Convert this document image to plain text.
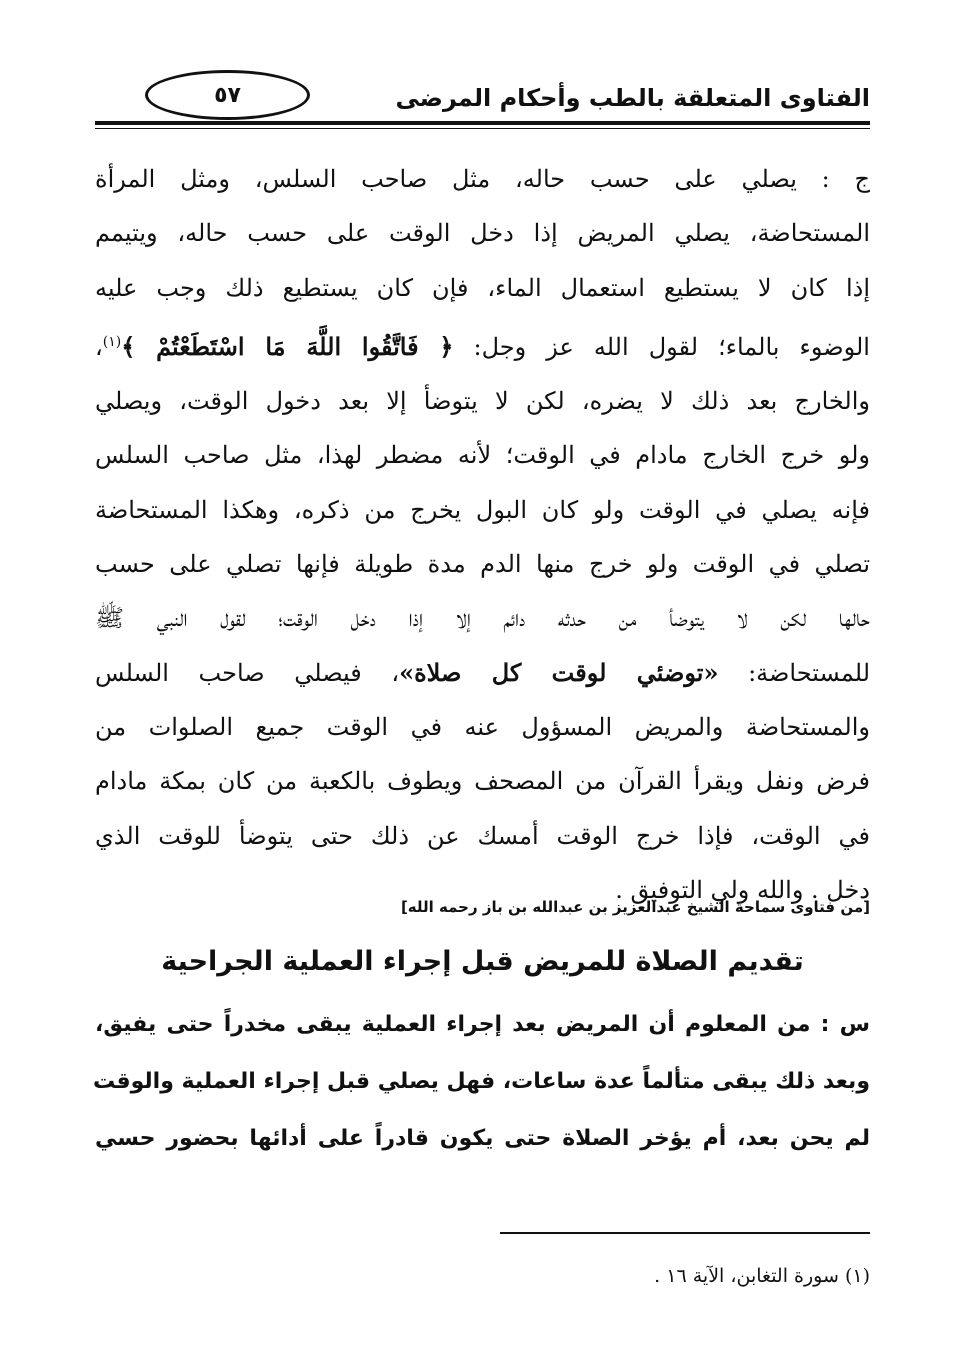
٥٧	الفتاوى المتعلقة بالطب وأحكام المرضى
ج : يصلي على حسب حاله، مثل صاحب السلس، ومثل المرأة
المستحاضة، يصلي المريض إذا دخل الوقت على حسب حاله، ويتيمم
إذا كان لا يستطيع استعمال الماء، فإن كان يستطيع ذلك وجب عليه
الوضوء بالماء؛ لقول الله عز وجل: ﴿ فَاتَّقُوا اللَّهَ مَا اسْتَطَعْتُمْ ﴾$^{(١)}$،
والخارج بعد ذلك لا يضره، لكن لا يتوضأ إلا بعد دخول الوقت، ويصلي
ولو خرج الخارج مادام في الوقت؛ لأنه مضطر لهذا، مثل صاحب السلس
فإنه يصلي في الوقت ولو كان البول يخرج من ذكره، وهكذا المستحاضة
تصلي في الوقت ولو خرج منها الدم مدة طويلة فإنها تصلي على حسب
حالها لكن لا يتوضأ من حدثه دائم إلا إذا دخل الوقت؛ لقول النبي ﷺ
للمستحاضة: «توضئي لوقت كل صلاة»، فيصلي صاحب السلس
والمستحاضة والمريض المسؤول عنه في الوقت جميع الصلوات من
فرض ونفل ويقرأ القرآن من المصحف ويطوف بالكعبة من كان بمكة مادام
في الوقت، فإذا خرج الوقت أمسك عن ذلك حتى يتوضأ للوقت الذي
دخل . والله ولي التوفيق .
[من فتاوى سماحة الشيخ عبدالعزيز بن عبدالله بن باز رحمه الله]
تقديم الصلاة للمريض قبل إجراء العملية الجراحية
س : من المعلوم أن المريض بعد إجراء العملية يبقى مخدراً حتى يفيق،
وبعد ذلك يبقى متألماً عدة ساعات، فهل يصلي قبل إجراء العملية والوقت
لم يحن بعد، أم يؤخر الصلاة حتى يكون قادراً على أدائها بحضور حسي
(١) سورة التغابن، الآية ١٦ .
